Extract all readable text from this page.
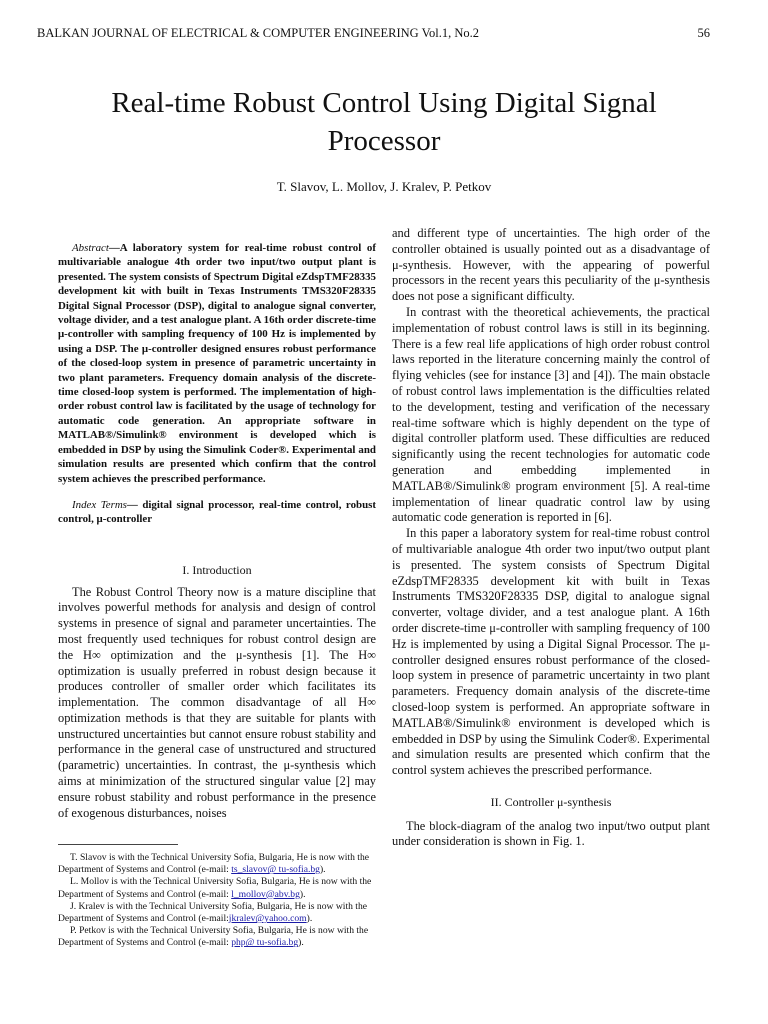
BALKAN JOURNAL OF ELECTRICAL & COMPUTER ENGINEERING Vol.1, No.2	56
Real-time Robust Control Using Digital Signal
Processor
T. Slavov, L. Mollov, J. Kralev, P. Petkov

Abstract—A laboratory system for real-time robust control of multivariable analogue 4th order two input/two output plant is presented. The system consists of Spectrum Digital eZdspTMF28335 development kit with built in Texas Instruments TMS320F28335 Digital Signal Processor (DSP), digital to analogue signal converter, voltage divider, and a test analogue plant. A 16th order discrete-time μ-controller with sampling frequency of 100 Hz is implemented by using a DSP. The μ-controller designed ensures robust performance of the closed-loop system in presence of parametric uncertainty in two plant parameters. Frequency domain analysis of the discrete-time closed-loop system is performed. The implementation of high-order robust control law is facilitated by the usage of technology for automatic code generation. An appropriate software in MATLAB®/Simulink® environment is developed which is embedded in DSP by using the Simulink Coder®. Experimental and simulation results are presented which confirm that the control system achieves the prescribed performance.

Index Terms— digital signal processor, real-time control, robust control, μ-controller

I. Introduction

The Robust Control Theory now is a mature discipline that involves powerful methods for analysis and design of control systems in presence of signal and parameter uncertainties. The most frequently used techniques for robust control design are the H∞ optimization and the μ-synthesis [1]. The H∞ optimization is usually preferred in robust design because it produces controller of smaller order which facilitates its implementation. The common disadvantage of all H∞ optimization methods is that they are suitable for plants with unstructured uncertainties but cannot ensure robust stability and performance in the general case of unstructured and structured (parametric) uncertainties. In contrast, the μ-synthesis which aims at minimization of the structured singular value [2] may ensure robust stability and robust performance in the presence of exogenous disturbances, noises

T. Slavov is with the Technical University Sofia, Bulgaria, He is now with the Department of Systems and Control (e-mail: ts_slavov@ tu-sofia.bg).

L. Mollov is with the Technical University Sofia, Bulgaria, He is now with the Department of Systems and Control (e-mail: l_mollov@abv.bg).

J. Kralev is with the Technical University Sofia, Bulgaria, He is now with the Department of Systems and Control (e-mail:jkralev@yahoo.com).

P. Petkov is with the Technical University Sofia, Bulgaria, He is now with the Department of Systems and Control (e-mail: php@ tu-sofia.bg).

and different type of uncertainties. The high order of the controller obtained is usually pointed out as a disadvantage of μ-synthesis. However, with the appearing of powerful processors in the recent years this peculiarity of the μ-synthesis does not pose a significant difficulty.

In contrast with the theoretical achievements, the practical implementation of robust control laws is still in its beginning. There is a few real life applications of high order robust control laws reported in the literature concerning mainly the control of flying vehicles (see for instance [3] and [4]). The main obstacle of robust control laws implementation is the difficulties related to the development, testing and verification of the necessary real-time software which is highly dependent on the type of digital controller platform used. These difficulties are reduced significantly using the recent technologies for automatic code generation and embedding implemented in MATLAB®/Simulink® program environment [5]. A real-time implementation of linear quadratic control law by using automatic code generation is reported in [6].

In this paper a laboratory system for real-time robust control of multivariable analogue 4th order two input/two output plant is presented. The system consists of Spectrum Digital eZdspTMF28335 development kit with built in Texas Instruments TMS320F28335 DSP, digital to analogue signal converter, voltage divider, and a test analogue plant. A 16th order discrete-time μ-controller with sampling frequency of 100 Hz is implemented by using a Digital Signal Processor. The μ-controller designed ensures robust performance of the closed-loop system in presence of parametric uncertainty in two plant parameters. Frequency domain analysis of the discrete-time closed-loop system is performed. An appropriate software in MATLAB®/Simulink® environment is developed which is embedded in DSP by using the Simulink Coder®. Experimental and simulation results are presented which confirm that the control system achieves the prescribed performance.

II. Controller μ-synthesis

The block-diagram of the analog two input/two output plant under consideration is shown in Fig. 1.
